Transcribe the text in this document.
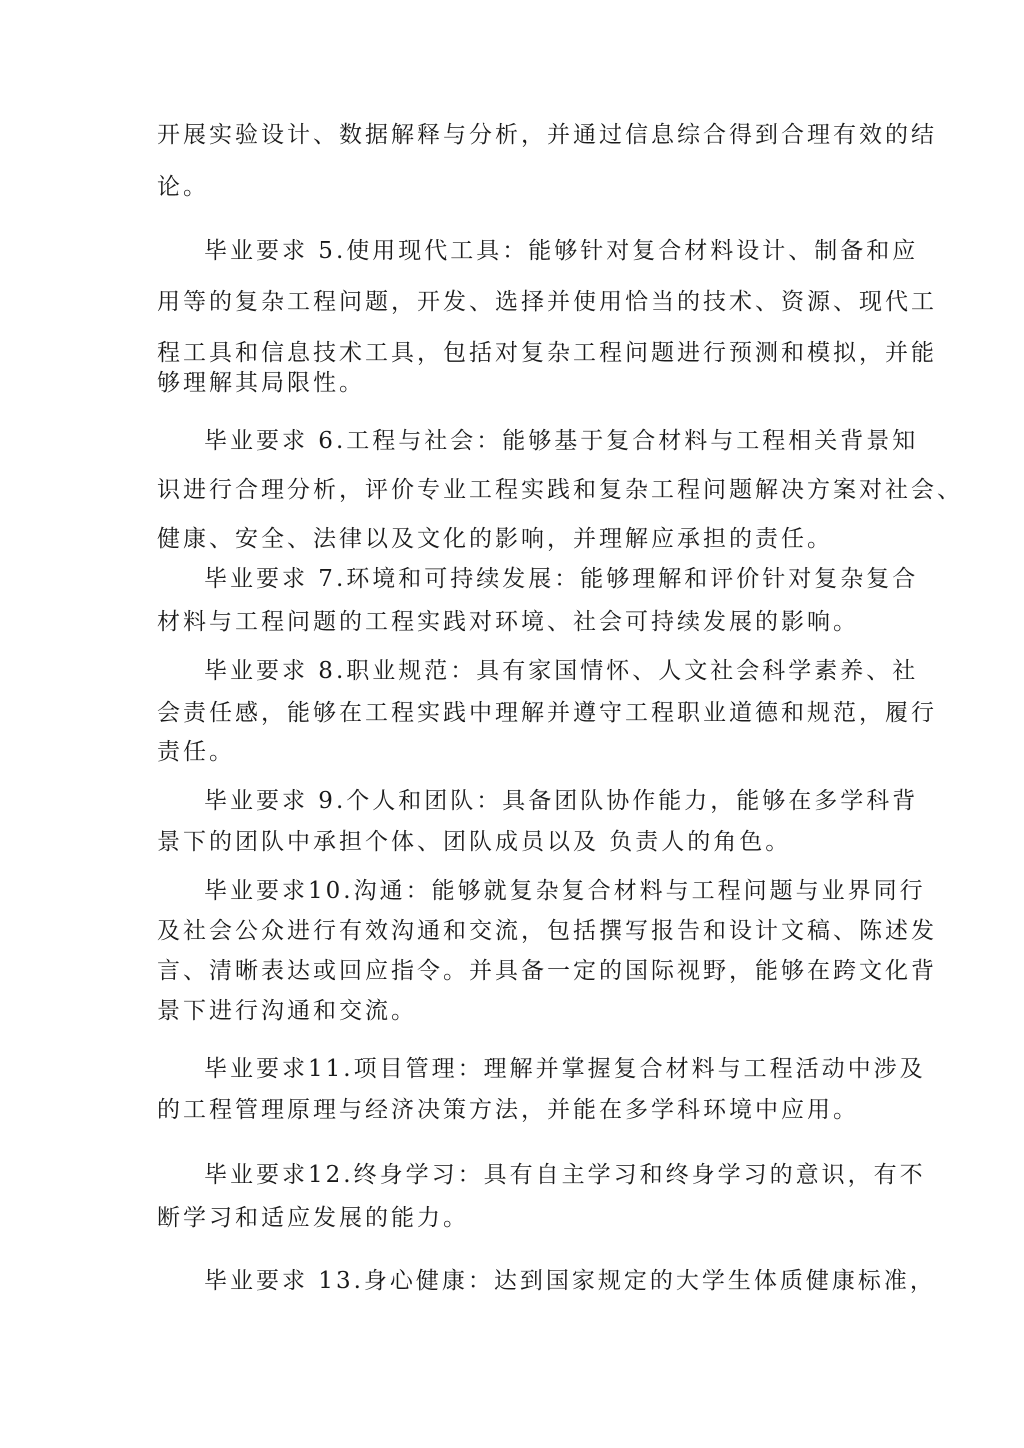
开展实验设计、数据解释与分析，并通过信息综合得到合理有效的结
论。
毕业要求 5.使用现代工具：能够针对复合材料设计、制备和应
用等的复杂工程问题，开发、选择并使用恰当的技术、资源、现代工
程工具和信息技术工具，包括对复杂工程问题进行预测和模拟，并能
够理解其局限性。
毕业要求 6.工程与社会：能够基于复合材料与工程相关背景知
识进行合理分析，评价专业工程实践和复杂工程问题解决方案对社会、
健康、安全、法律以及文化的影响，并理解应承担的责任。
毕业要求 7.环境和可持续发展：能够理解和评价针对复杂复合
材料与工程问题的工程实践对环境、社会可持续发展的影响。
毕业要求 8.职业规范：具有家国情怀、人文社会科学素养、社
会责任感，能够在工程实践中理解并遵守工程职业道德和规范，履行
责任。
毕业要求 9.个人和团队：具备团队协作能力，能够在多学科背
景下的团队中承担个体、团队成员以及 负责人的角色。
毕业要求10.沟通：能够就复杂复合材料与工程问题与业界同行
及社会公众进行有效沟通和交流，包括撰写报告和设计文稿、陈述发
言、清晰表达或回应指令。并具备一定的国际视野，能够在跨文化背
景下进行沟通和交流。
毕业要求11.项目管理：理解并掌握复合材料与工程活动中涉及
的工程管理原理与经济决策方法，并能在多学科环境中应用。
毕业要求12.终身学习：具有自主学习和终身学习的意识，有不
断学习和适应发展的能力。
毕业要求 13.身心健康：达到国家规定的大学生体质健康标准，
